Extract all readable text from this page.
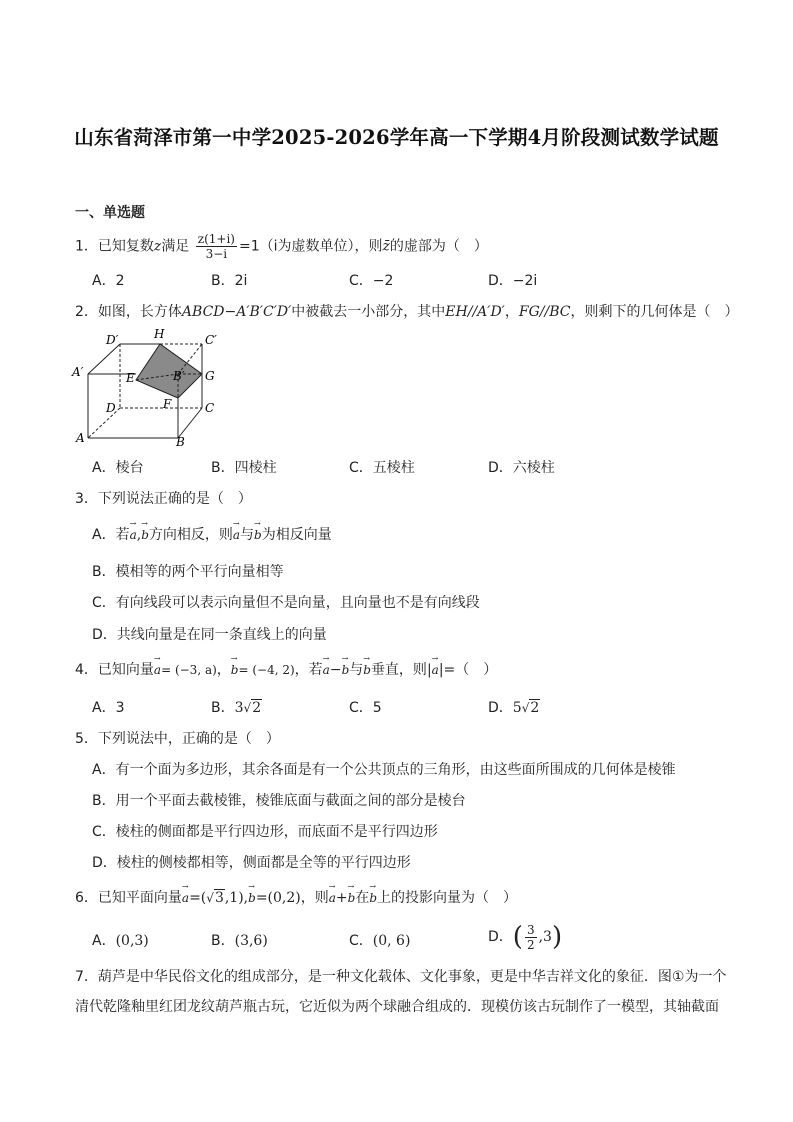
山东省菏泽市第一中学2025-2026学年高一下学期4月阶段测试数学试题
一、单选题
1．已知复数z满足 $\frac{z(1+i)}{3-i} =1(i$为虚数单位），则z̄的虚部为（　）
A．2	B．2i	C．−2	D．−2i
2．如图，长方体ABCD−A′B′C′D′中被截去一小部分，其中EH//A′D′，FG//BC，则剩下的几何体是（　）
D′	H	C′
A′	E	B′ G
D	F	C
A	B
A．棱台	B．四棱柱	C．五棱柱	D．六棱柱
3．下列说法正确的是（　）
A．若→ a,→ b方向相反，则→ a与→ b为相反向量
B．模相等的两个平行向量相等
C．有向线段可以表示向量但不是向量，且向量也不是有向线段
D．共线向量是在同一条直线上的向量
4．已知向量→ a= (−3, a)，→ b= (−4, 2)，若→ a−→ b与→ b垂直，则|→ a|=（　）
A．3	B．3√2	C．5	D．5√2
5．下列说法中，正确的是（　）
A．有一个面为多边形，其余各面是有一个公共顶点的三角形，由这些面所围成的几何体是棱锥
B．用一个平面去截棱锥，棱锥底面与截面之间的部分是棱台
C．棱柱的侧面都是平行四边形，而底面不是平行四边形
D．棱柱的侧棱都相等，侧面都是全等的平行四边形
6．已知平面向量→ a=(√3,1),→ b=(0,2)，则→ a+→ b在→ b上的投影向量为（　）
A．(0,3)	B．(3,6)	C．(0, 6)	D．( $\frac{3}{2} ,3$)
7．葫芦是中华民俗文化的组成部分，是一种文化载体、文化事象，更是中华吉祥文化的象征．图①为一个
清代乾隆釉里红团龙纹葫芦瓶古玩，它近似为两个球融合组成的．现模仿该古玩制作了一模型，其轴截面
